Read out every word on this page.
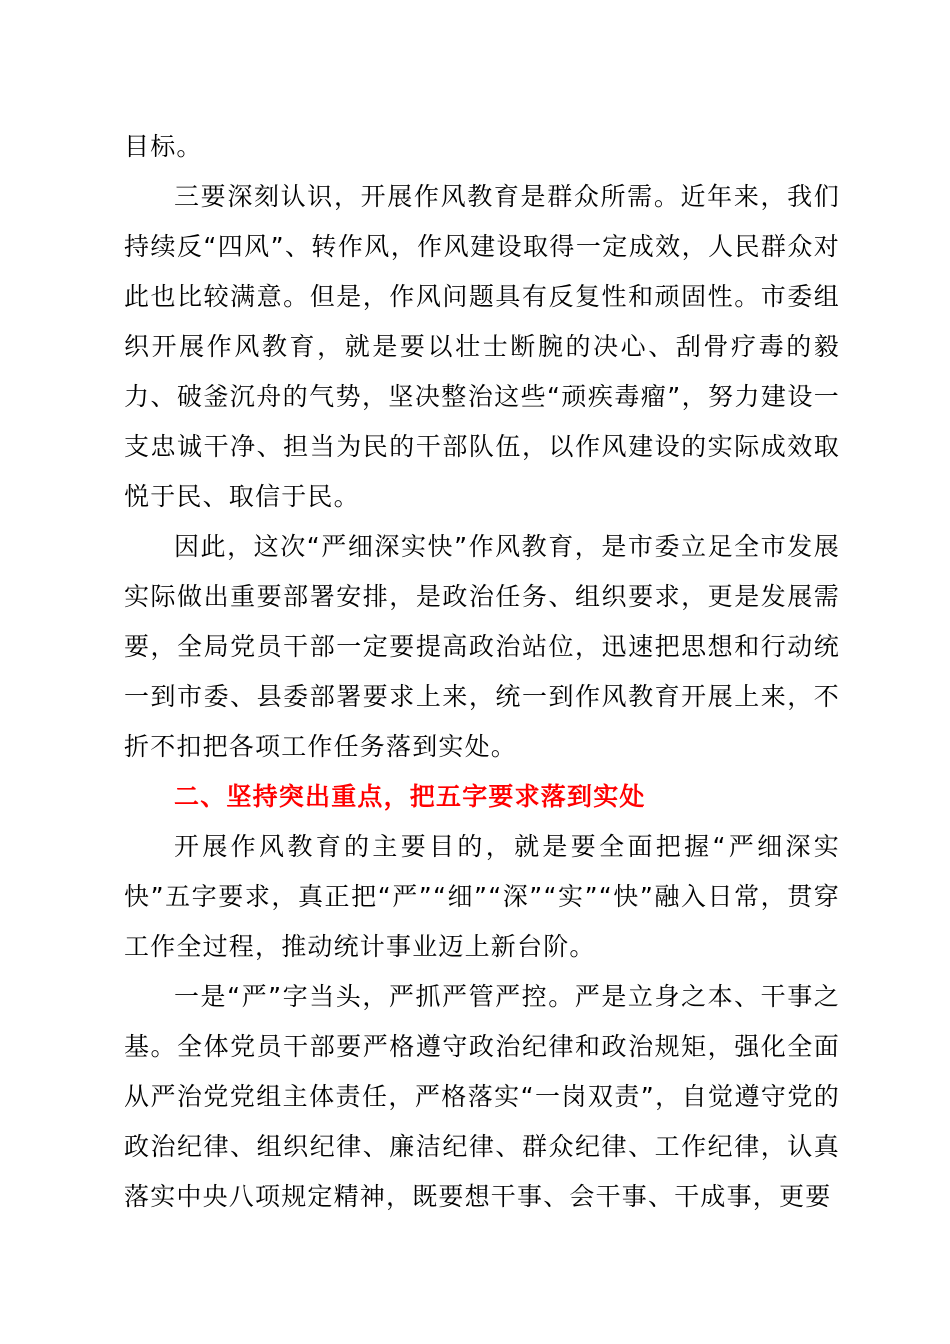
目标。

三要深刻认识，开展作风教育是群众所需。近年来，我们持续反“四风”、转作风，作风建设取得一定成效，人民群众对此也比较满意。但是，作风问题具有反复性和顽固性。市委组织开展作风教育，就是要以壮士断腕的决心、刮骨疗毒的毅力、破釜沉舟的气势，坚决整治这些“顽疾毒瘤”，努力建设一支忠诚干净、担当为民的干部队伍，以作风建设的实际成效取悦于民、取信于民。

因此，这次“严细深实快”作风教育，是市委立足全市发展实际做出重要部署安排，是政治任务、组织要求，更是发展需要，全局党员干部一定要提高政治站位，迅速把思想和行动统一到市委、县委部署要求上来，统一到作风教育开展上来，不折不扣把各项工作任务落到实处。

二、坚持突出重点，把五字要求落到实处

开展作风教育的主要目的，就是要全面把握“严细深实快”五字要求，真正把“严”“细”“深”“实”“快”融入日常，贯穿工作全过程，推动统计事业迈上新台阶。

一是“严”字当头，严抓严管严控。严是立身之本、干事之基。全体党员干部要严格遵守政治纪律和政治规矩，强化全面从严治党党组主体责任，严格落实“一岗双责”，自觉遵守党的政治纪律、组织纪律、廉洁纪律、群众纪律、工作纪律，认真落实中央八项规定精神，既要想干事、会干事、干成事，更要
